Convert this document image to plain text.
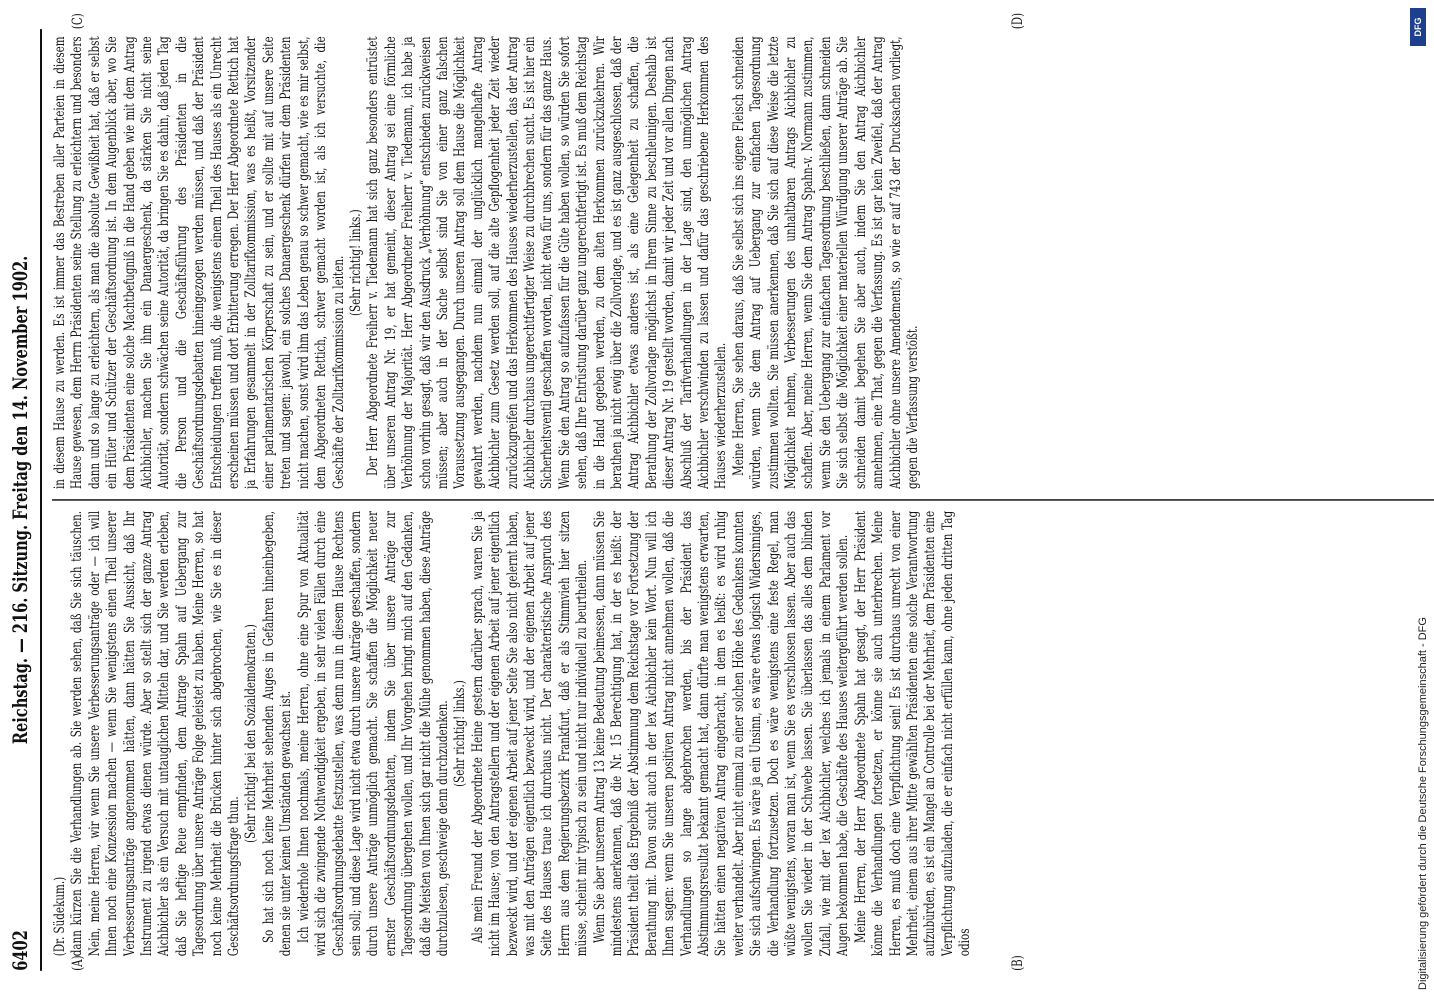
6402
Reichstag. — 216. Sitzung. Freitag den 14. November 1902.
(A)	(B)
(C)	(D)

(Dr. Südekum.) dann kürzen Sie die Verhandlungen ab. Sie werden sehen, daß Sie sich täuschen. Nein, meine Herren, wir wenn Sie unsere Verbesserungsanträge oder — ich will Ihnen noch eine Konzession machen — wenn Sie wenigstens einen Theil unserer Verbesserungsanträge angenommen hätten, dann hätten Sie Aussicht, daß Ihr Instrument zu irgend etwas dienen würde. Aber so stellt sich der ganze Antrag Aichbichler als ein Versuch mit untauglichen Mitteln dar, und Sie werden erleben, daß Sie heftige Reue empfinden, dem Antrage Spahn auf Uebergang zur Tagesordnung über unsere Anträge Folge geleistet zu haben. Meine Herren, so hat noch keine Mehrheit die Brücken hinter sich abgebrochen, wie Sie es in dieser Geschäftsordnungsfrage thun.

(Sehr richtig! bei den Sozialdemokraten.) So hat sich noch keine Mehrheit sehenden Auges in Gefahren hineinbegeben, denen sie unter keinen Umständen gewachsen ist. Ich wiederhole Ihnen nochmals, meine Herren, ohne eine Spur von Aktualität wird sich die zwingende Nothwendigkeit ergeben, in sehr vielen Fällen durch eine Geschäftsordnungsdebatte festzustellen, was denn nun in diesem Hause Rechtens sein soll; und diese Lage wird nicht etwa durch unsere Anträge geschaffen, sondern durch unsere Anträge unmöglich gemacht. Sie schaffen die Möglichkeit neuer ernster Geschäftsordnungsdebatten, indem Sie über unsere Anträge zur Tagesordnung übergehen wollen, und Ihr Vorgehen bringt mich auf den Gedanken, daß die Meisten von Ihnen sich gar nicht die Mühe genommen haben, diese Anträge durchzulesen, geschweige denn durchzudenken. (Sehr richtig! links.) Als mein Freund der Abgeordnete Heine gestern darüber sprach, waren Sie ja nicht im Hause; von den Antragstellern und der eigenen Arbeit auf jener eigentlich bezweckt wird, und der eigenen Arbeit auf jener Seite Sie also nicht gelernt haben, was mit den Anträgen eigentlich bezweckt wird, und der eigenen Arbeit auf jener Seite des Hauses traue ich durchaus nicht. Der charakteristische Anspruch des Herrn aus dem Regierungsbezirk Frankfurt, daß er als Stimmvieh hier sitzen müsse, scheint mir typisch zu sein und nicht nur individuell zu beurtheilen. Wenn Sie aber unserem Antrag 13 keine Bedeutung beimessen, dann müssen Sie mindestens anerkennen, daß die Nr. 15 Berechtigung hat, in der es heißt: der Präsident theilt das Ergebniß der Abstimmung dem Reichstage vor Fortsetzung der Berathung mit. Davon sucht auch in der lex Aichbichler kein Wort. Nun will ich Ihnen sagen: wenn Sie unseren positiven Antrag nicht annehmen wollen, daß die Verhandlungen so lange abgebrochen werden, bis der Präsident das Abstimmungsresultat bekannt gemacht hat, dann dürfte man wenigstens erwarten, Sie hätten einen negativen Antrag eingebracht, in dem es heißt: es wird ruhig weiter verhandelt. Aber nicht einmal zu einer solchen Höhe des Gedankens konnten Sie sich aufschwingen. Es wäre ja ein Unsinn, es wäre etwas logisch Widersinniges, die Verhandlung fortzusetzen. Doch es wäre wenigstens eine feste Regel, man wüßte wenigstens, woran man ist, wenn Sie es verschlossen lassen. Aber auch das wollen Sie wieder in der Schwebe lassen. Sie überlassen das alles dem blinden Zufall, wie mit der lex Aichbichler, welches ich jemals in einem Parlament vor Augen bekommen habe, die Geschäfte des Hauses weitergeführt werden sollen. Meine Herren, der Herr Abgeordnete Spahn hat gesagt, der Herr Präsident könne die Verhandlungen fortsetzen, er könne sie auch unterbrechen. Meine Herren, es muß doch eine Verpflichtung sein! Es ist durchaus unrecht von einer Mehrheit, einem aus ihrer Mitte gewählten Präsidenten eine solche Verantwortung aufzubürden, es ist ein Mangel an Controlle bei der Mehrheit, dem Präsidenten eine Verpflichtung aufzuladen, die er einfach nicht erfüllen kann, ohne jeden dritten Tag odios

in diesem Hause zu werden. Es ist immer das Bestreben aller Parteien in diesem Hause gewesen, dem Herrn Präsidenten seine Stellung zu erleichtern und besonders dann und so lange zu erleichtern, als man die absolute Gewißheit hat, daß er selbst ein Hüter und Schützer der Geschäftsordnung ist. In dem Augenblick aber, wo Sie dem Präsidenten eine solche Machtbefugniß in die Hand geben wie mit dem Antrag Aichbichler, machen Sie ihm ein Danaergeschenk, da stärken Sie nicht seine Autorität, sondern schwächen seine Autorität, da bringen Sie es dahin, daß jeden Tag die Person und die Geschäftsführung des Präsidenten in die Geschäftsordnungsdebatten hineingezogen werden müssen, und daß der Präsident Entscheidungen treffen muß, die wenigstens einem Theil des Hauses als ein Unrecht erscheinen müssen und dort Erbitterung erregen. Der Herr Abgeordnete Rettich hat ja Erfahrungen gesammelt in der Zolltarifkommission, was es heißt, Vorsitzender einer parlamentarischen Körperschaft zu sein, und er sollte mit auf unsere Seite treten und sagen: jawohl, ein solches Danaergeschenk dürfen wir dem Präsidenten nicht machen, sonst wird ihm das Leben genau so schwer gemacht, wie es mir selbst, dem Abgeordneten Rettich, schwer gemacht worden ist, als ich versuchte, die Geschäfte der Zolltarifkommission zu leiten. (Sehr richtig! links.) Der Herr Abgeordnete Freiherr v. Tiedemann hat sich ganz besonders entrüstet über unseren Antrag Nr. 19, er hat gemeint, dieser Antrag sei eine förmliche Verhöhnung der Majorität. Herr Abgeordneter Freiherr v. Tiedemann, ich habe ja schon vorhin gesagt, daß wir den Ausdruck „Verhöhnung“ entschieden zurückweisen müssen; aber auch in der Sache selbst sind Sie von einer ganz falschen Voraussetzung ausgegangen. Durch unseren Antrag soll dem Hause die Möglichkeit gewahrt werden, nachdem nun einmal der unglücklich mangelhafte Antrag Aichbichler zum Gesetz werden soll, auf die alte Gepflogenheit jeder Zeit wieder zurückzugreifen und das Herkommen des Hauses wiederherzustellen, das der Antrag Aichbichler durchaus ungerechtfertigter Weise zu durchbrechen sucht. Es ist hier ein Sicherheitsventil geschaffen worden, nicht etwa für uns, sondern für das ganze Haus. Wenn Sie den Antrag so aufzufassen für die Güte haben wollen, so würden Sie sofort sehen, daß Ihre Entrüstung darüber ganz ungerechtfertigt ist. Es muß dem Reichstag in die Hand gegeben werden, zu dem alten Herkommen zurückzukehren. Wir berathen ja nicht ewig über die Zollvorlage, und es ist ganz ausgeschlossen, daß der Antrag Aichbichler etwas anderes ist, als eine Gelegenheit zu schaffen, die Berathung der Zollvorlage möglichst in Ihrem Sinne zu beschleunigen. Deshalb ist dieser Antrag Nr. 19 gestellt worden, damit wir jeder Zeit und vor allen Dingen nach Abschluß der Tarifverhandlungen in der Lage sind, den unmöglichen Antrag Aichbichler verschwinden zu lassen und dafür das geschriebene Herkommen des Hauses wiederherzustellen. Meine Herren, Sie sehen daraus, daß Sie selbst sich ins eigene Fleisch schneiden würden, wenn Sie dem Antrag auf Uebergang zur einfachen Tagesordnung zustimmen wollten. Sie müssen anerkennen, daß Sie sich auf diese Weise die letzte Möglichkeit nehmen, Verbesserungen des unhaltbaren Antrags Aichbichler zu schaffen. Aber, meine Herren, wenn Sie dem Antrag Spahn-v. Normann zustimmen, wenn Sie den Uebergang zur einfachen Tagesordnung beschließen, dann schneiden Sie sich selbst die Möglichkeit einer materiellen Würdigung unserer Anträge ab. Sie schneiden damit begehen Sie aber auch, indem Sie den Antrag Aichbichler annehmen, eine That, gegen die Verfassung. Es ist gar kein Zweifel, daß der Antrag Aichbichler ohne unsere Amendements, so wie er auf 743 der Drucksachen vorliegt, gegen die Verfassung verstößt.

Digitalisierung gefördert durch die Deutsche Forschungsgemeinschaft - DFG
DFG
